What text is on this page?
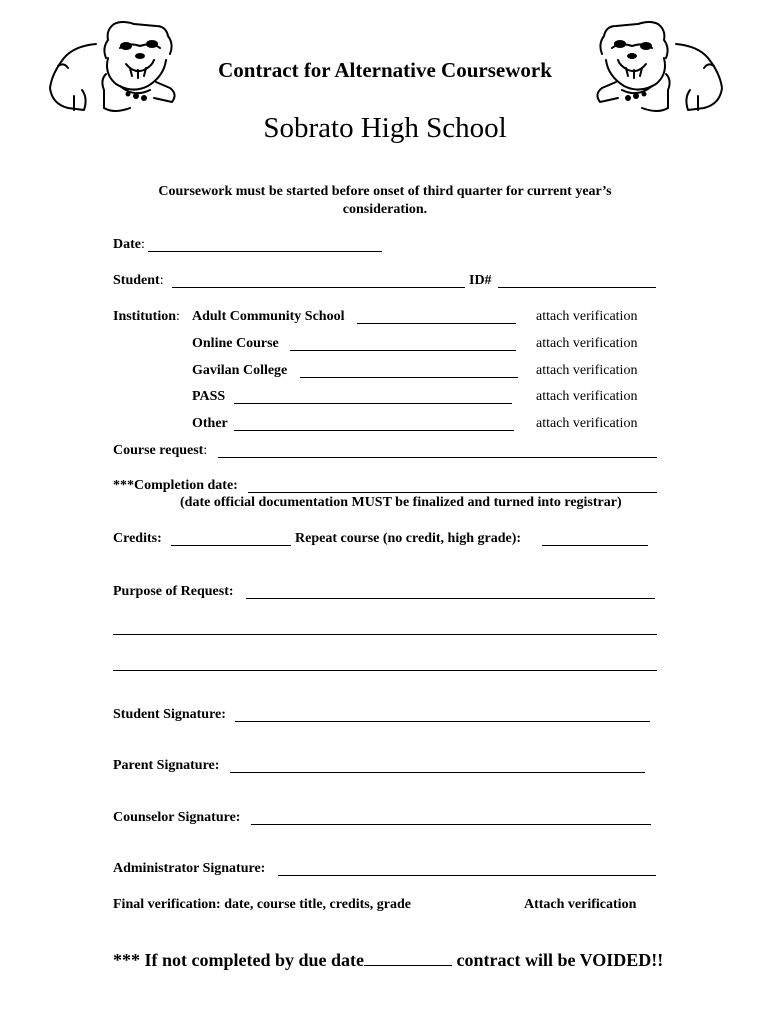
Contract for Alternative Coursework
Sobrato High School
Coursework must be started before onset of third quarter for current year’s
consideration.
Date:
Student:	ID#
Institution: Adult Community School	attach verification
Online Course	attach verification
Gavilan College	attach verification
PASS	attach verification
Other	attach verification
Course request:
***Completion date:
(date official documentation MUST be finalized and turned into registrar)
Credits:	Repeat course (no credit, high grade):
Purpose of Request:
Student Signature:
Parent Signature:
Counselor Signature:
Administrator Signature:
Final verification: date, course title, credits, grade	Attach verification
*** If not completed by due date	contract will be VOIDED!!
